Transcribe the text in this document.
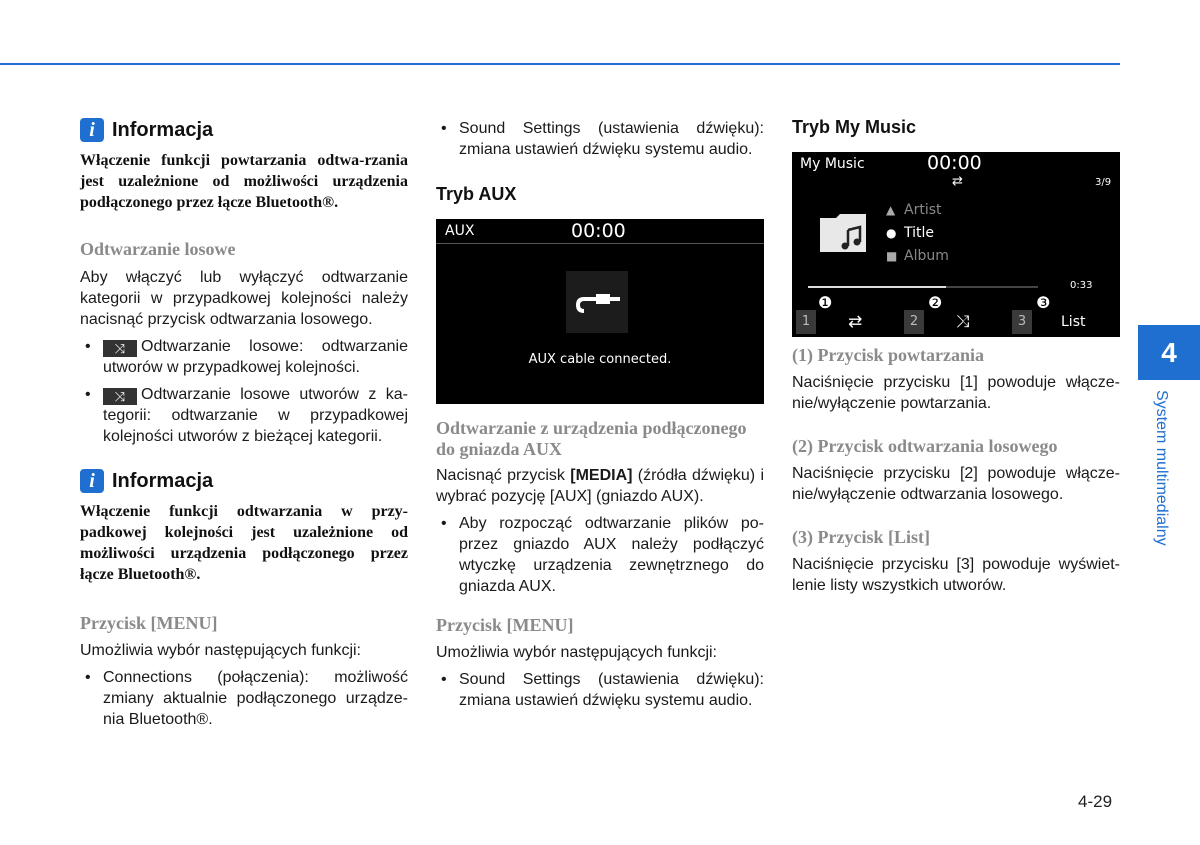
i Informacja

Włączenie funkcji powtarzania odtwa-rzania jest uzależnione od możliwości urządzenia podłączonego przez łącze Bluetooth®.

Odtwarzanie losowe

Aby włączyć lub wyłączyć odtwarzanie kategorii w przypadkowej kolejności należy nacisnąć przycisk odtwarzania losowego.

• ⤨ Odtwarzanie losowe: odtwarzanie utworów w przypadkowej kolejności.
• ⤨ Odtwarzanie losowe utworów z ka-tegorii: odtwarzanie w przypadkowej kolejności utworów z bieżącej kategorii.
i Informacja

Włączenie funkcji odtwarzania w przy-padkowej kolejności jest uzależnione od możliwości urządzenia podłączonego przez łącze Bluetooth®.

Przycisk [MENU]

Umożliwia wybór następujących funkcji:

• Connections (połączenia): możliwość zmiany aktualnie podłączonego urządze-nia Bluetooth®.
• Sound Settings (ustawienia dźwięku): zmiana ustawień dźwięku systemu audio.
Tryb AUX
AUX	00:00
AUX cable connected.
Odtwarzanie z urządzenia podłączonego do gniazda AUX

Nacisnąć przycisk [MEDIA] (źródła dźwięku) i wybrać pozycję [AUX] (gniazdo AUX).

• Aby rozpocząć odtwarzanie plików po-przez gniazdo AUX należy podłączyć wtyczkę urządzenia zewnętrznego do gniazda AUX.
Przycisk [MENU]

Umożliwia wybór następujących funkcji:

• Sound Settings (ustawienia dźwięku): zmiana ustawień dźwięku systemu audio.
Tryb My Music
My Music	00:00
⇄	3/9
▲ Artist
● Title
■ Album
0:33
❶	❷	❸
1	⇄	2	⤨	3	List
(1) Przycisk powtarzania

Naciśnięcie przycisku [1] powoduje włącze-nie/wyłączenie powtarzania.

(2) Przycisk odtwarzania losowego

Naciśnięcie przycisku [2] powoduje włącze-nie/wyłączenie odtwarzania losowego.

(3) Przycisk [List]

Naciśnięcie przycisku [3] powoduje wyświet-lenie listy wszystkich utworów.

4
System multimedialny
4-29
